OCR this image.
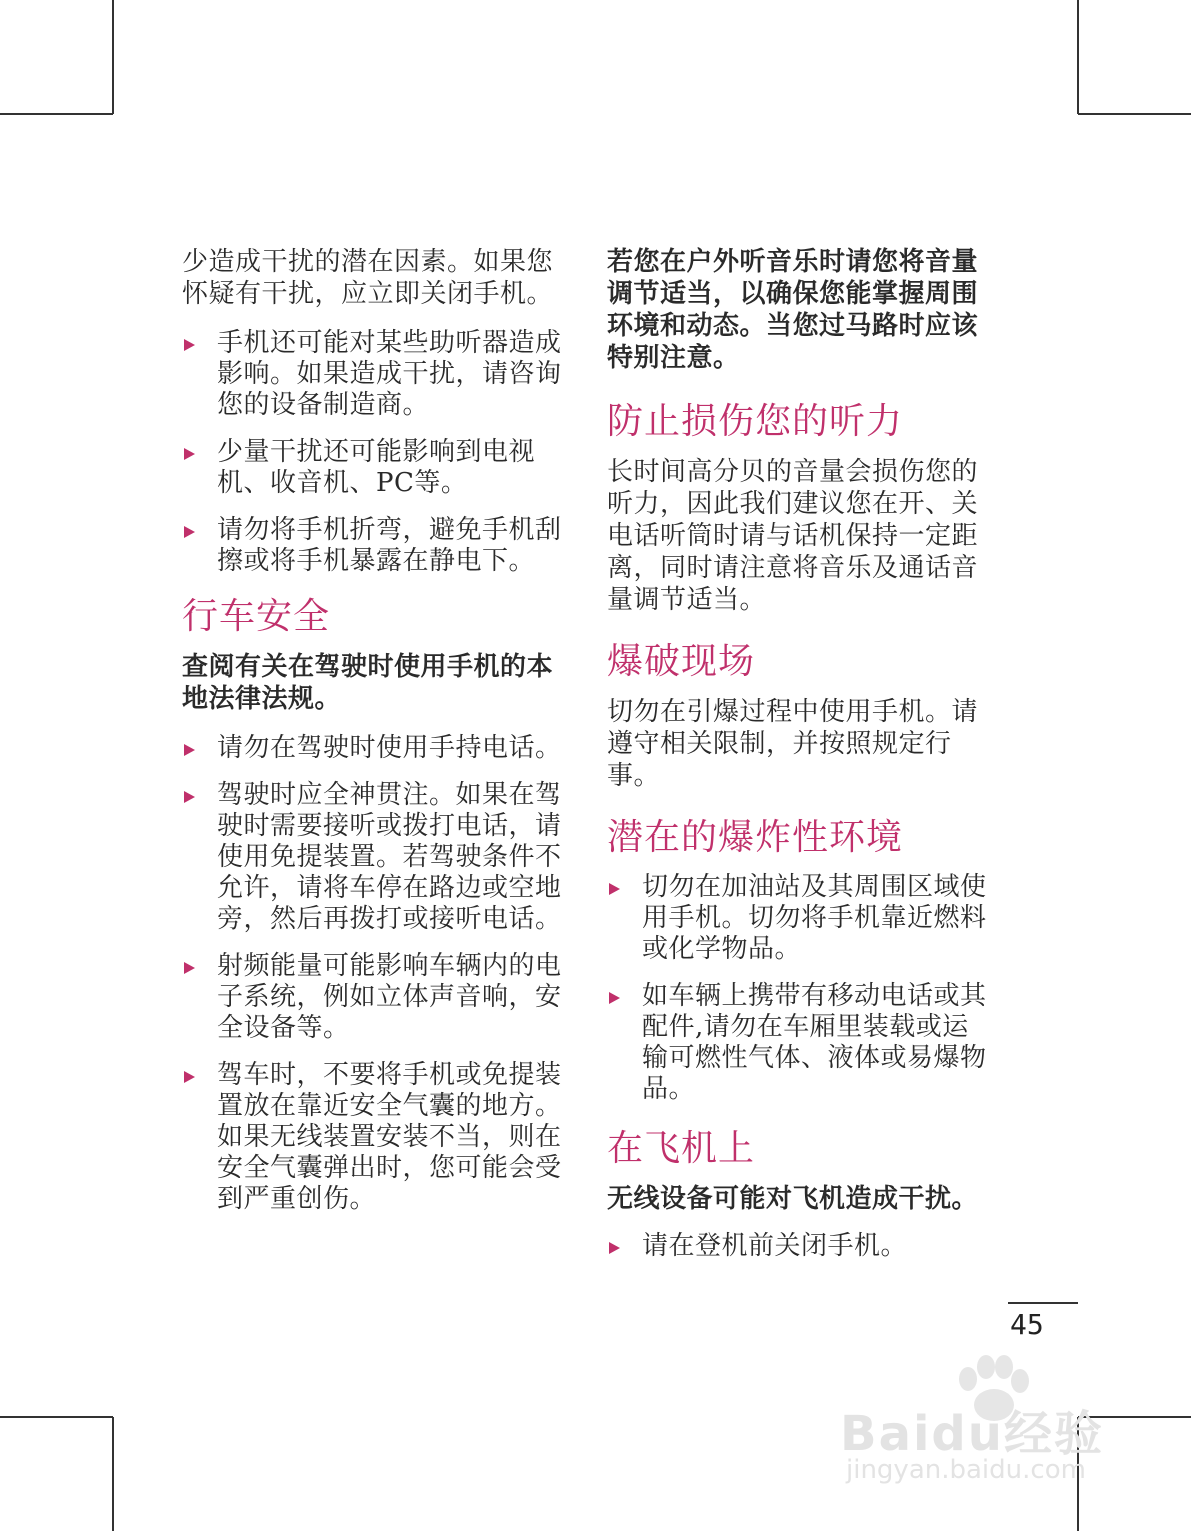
少造成干扰的潜在因素。如果您怀疑有干扰，应立即关闭手机。

手机还可能对某些助听器造成影响。如果造成干扰，请咨询您的设备制造商。
少量干扰还可能影响到电视机、收音机、PC等。
请勿将手机折弯，避免手机刮擦或将手机暴露在静电下。
行车安全

查阅有关在驾驶时使用手机的本地法律法规。

请勿在驾驶时使用手持电话。
驾驶时应全神贯注。如果在驾驶时需要接听或拨打电话，请使用免提装置。若驾驶条件不允许，请将车停在路边或空地旁，然后再拨打或接听电话。
射频能量可能影响车辆内的电子系统，例如立体声音响，安全设备等。
驾车时，不要将手机或免提装置放在靠近安全气囊的地方。如果无线装置安装不当，则在安全气囊弹出时，您可能会受到严重创伤。

若您在户外听音乐时请您将音量调节适当，以确保您能掌握周围环境和动态。当您过马路时应该特别注意。

防止损伤您的听力

长时间高分贝的音量会损伤您的听力，因此我们建议您在开、关电话听筒时请与话机保持一定距离，同时请注意将音乐及通话音量调节适当。

爆破现场

切勿在引爆过程中使用手机。请遵守相关限制，并按照规定行事。

潜在的爆炸性环境
切勿在加油站及其周围区域使用手机。切勿将手机靠近燃料或化学物品。
如车辆上携带有移动电话或其配件,请勿在车厢里装载或运输可燃性气体、液体或易爆物品。
在飞机上

无线设备可能对飞机造成干扰。

请在登机前关闭手机。
45
Baidu经验
jingyan.baidu.com
